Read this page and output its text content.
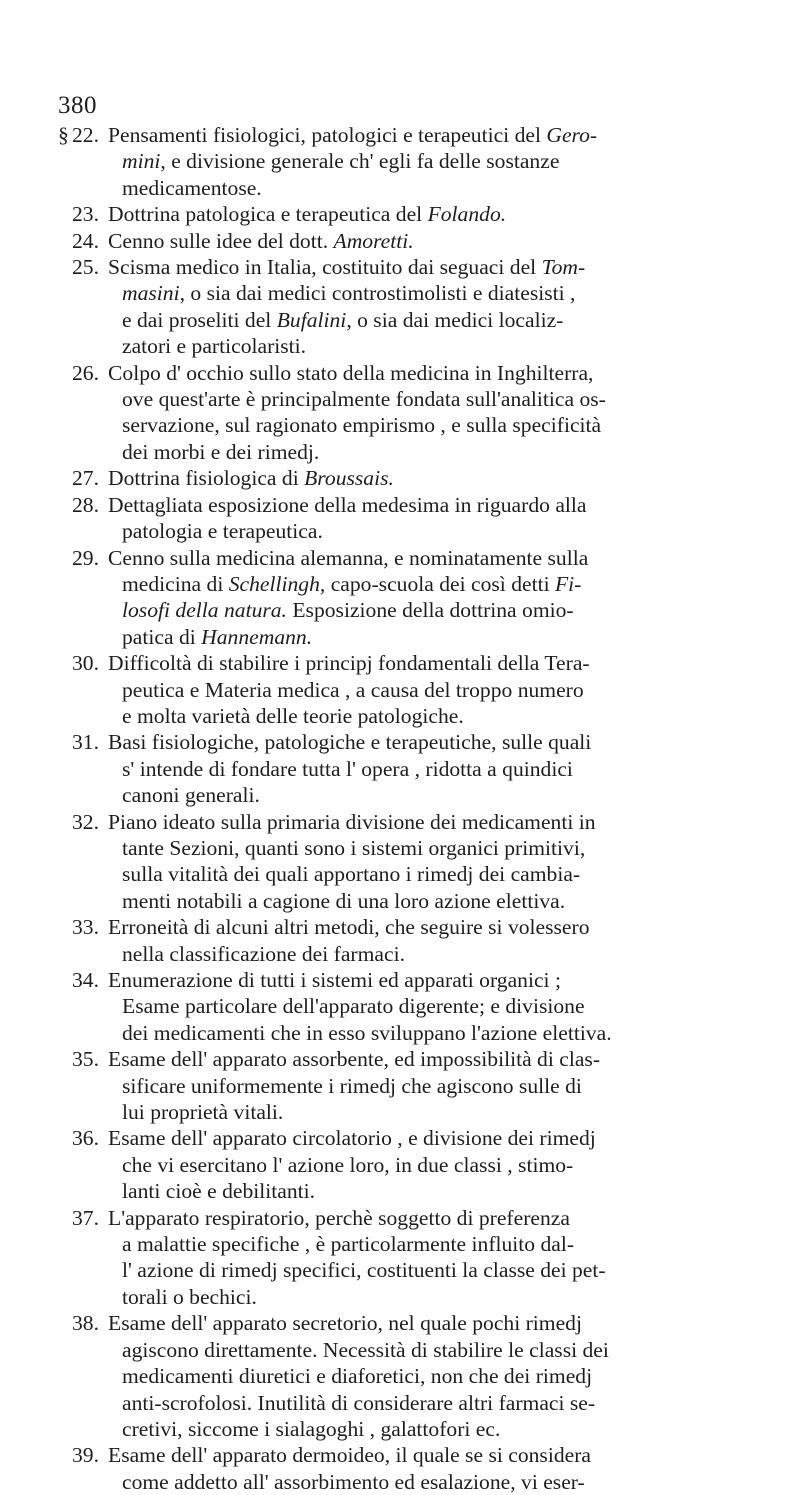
380
§ 22. Pensamenti fisiologici, patologici e terapeutici del Gero-
mini, e divisione generale ch' egli fa delle sostanze
medicamentose.
23. Dottrina patologica e terapeutica del Folando.
24. Cenno sulle idee del dott. Amoretti.
25. Scisma medico in Italia, costituito dai seguaci del Tom-
masini, o sia dai medici controstimolisti e diatesisti ,
e dai proseliti del Bufalini, o sia dai medici localiz-
zatori e particolaristi.
26. Colpo d' occhio sullo stato della medicina in Inghilterra,
ove quest'arte è principalmente fondata sull'analitica os-
servazione, sul ragionato empirismo , e sulla specificità
dei morbi e dei rimedj.
27. Dottrina fisiologica di Broussais.
28. Dettagliata esposizione della medesima in riguardo alla
patologia e terapeutica.
29. Cenno sulla medicina alemanna, e nominatamente sulla
medicina di Schellingh, capo-scuola dei così detti Fi-
losofi della natura. Esposizione della dottrina omio-
patica di Hannemann.
30. Difficoltà di stabilire i principj fondamentali della Tera-
peutica e Materia medica , a causa del troppo numero
e molta varietà delle teorie patologiche.
31. Basi fisiologiche, patologiche e terapeutiche, sulle quali
s' intende di fondare tutta l' opera , ridotta a quindici
canoni generali.
32. Piano ideato sulla primaria divisione dei medicamenti in
tante Sezioni, quanti sono i sistemi organici primitivi,
sulla vitalità dei quali apportano i rimedj dei cambia-
menti notabili a cagione di una loro azione elettiva.
33. Erroneità di alcuni altri metodi, che seguire si volessero
nella classificazione dei farmaci.
34. Enumerazione di tutti i sistemi ed apparati organici ;
Esame particolare dell'apparato digerente; e divisione
dei medicamenti che in esso sviluppano l'azione elettiva.
35. Esame dell' apparato assorbente, ed impossibilità di clas-
sificare uniformemente i rimedj che agiscono sulle di
lui proprietà vitali.
36. Esame dell' apparato circolatorio , e divisione dei rimedj
che vi esercitano l' azione loro, in due classi , stimo-
lanti cioè e debilitanti.
37. L'apparato respiratorio, perchè soggetto di preferenza
a malattie specifiche , è particolarmente influito dal-
l' azione di rimedj specifici, costituenti la classe dei pet-
torali o bechici.
38. Esame dell' apparato secretorio, nel quale pochi rimedj
agiscono direttamente. Necessità di stabilire le classi dei
medicamenti diuretici e diaforetici, non che dei rimedj
anti-scrofolosi. Inutilità di considerare altri farmaci se-
cretivi, siccome i sialagoghi , galattofori ec.
39. Esame dell' apparato dermoideo, il quale se si considera
come addetto all' assorbimento ed esalazione, vi eser-
